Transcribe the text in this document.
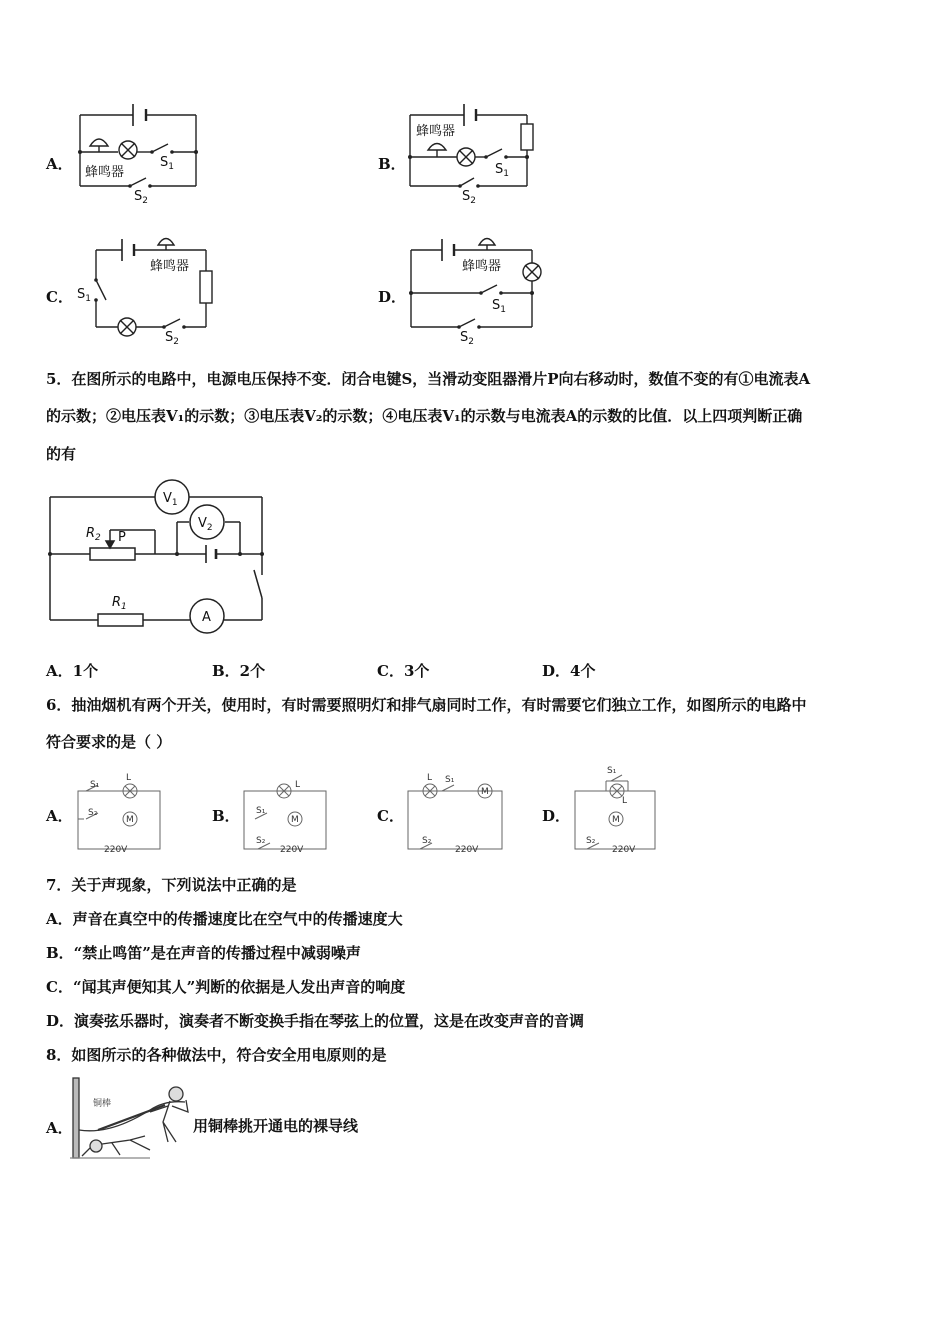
A． 蜂鸣器
$S_1$
$S_2$
B．
蜂鸣器
$S_1$
$S_2$
C．
蜂鸣器
$S_1$
$S_2$
D．
蜂鸣器
$S_1$
$S_2$
5．在图所示的电路中，电源电压保持不变．闭合电键S，当滑动变阻器滑片P向右移动时，数值不变的有①电流表A
的示数；②电压表V₁的示数；③电压表V₂的示数；④电压表V₁的示数与电流表A的示数的比值．以上四项判断正确
的有
$V_1$
$V_2$
$R_2$ P
$R_1$
A
A．1个	B．2个	C．3个	D．4个
6．抽油烟机有两个开关，使用时，有时需要照明灯和排气扇同时工作，有时需要它们独立工作，如图所示的电路中
符合要求的是（ ）
A．	B．	C．	D．
S₁
L
S₂
M
220V
L
S₁
M
S₂
220V
L S₁
M
S₂
220V
S₁
L
M
S₂
220V
7．关于声现象，下列说法中正确的是
A．声音在真空中的传播速度比在空气中的传播速度大
B．“禁止鸣笛”是在声音的传播过程中减弱噪声
C．“闻其声便知其人”判断的依据是人发出声音的响度
D．演奏弦乐器时，演奏者不断变换手指在琴弦上的位置，这是在改变声音的音调
8．如图所示的各种做法中，符合安全用电原则的是
A．
铜棒
用铜棒挑开通电的裸导线
